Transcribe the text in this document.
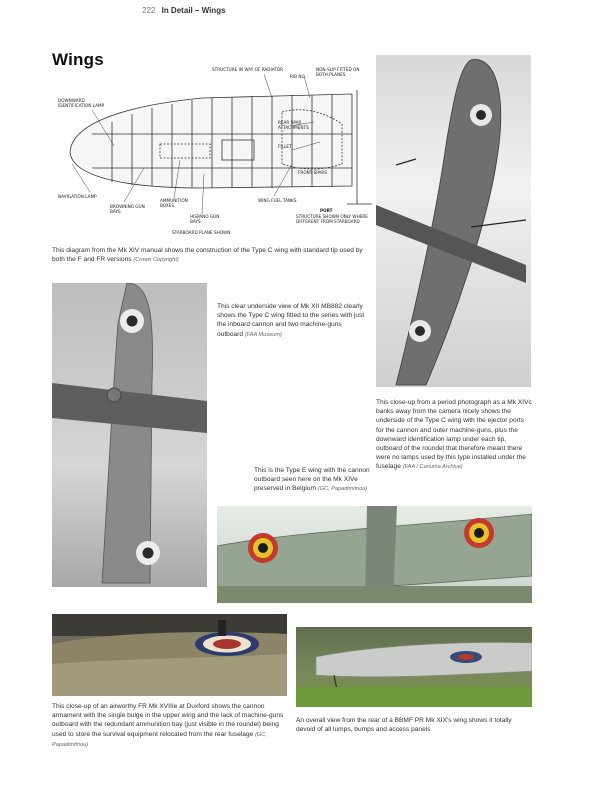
222 In Detail – Wings
Wings
STRUCTURE IN WAY OF RADIATOR
RIB NO.
NON-SLIP FITTED ON BOTH PLANES
DOWNWARD IDENTIFICATION LAMP
REAR SPAR ATTACHMENTS
FILLET
FRONT SPARS
NAVIGATION LAMP
BROWNING GUN BAYS
AMMUNITION BOXES
HISPANO GUN BAYS
WING FUEL TANKS
PORT
STRUCTURE SHOWN ONLY WHERE DIFFERENT FROM STARBOARD
STARBOARD PLANE SHOWN
This diagram from the Mk XIV manual shows the construction of the Type C wing with standard tip used by both the F and FR versions (Crown Copyright)
This close-up from a period photograph as a Mk XIVc banks away from the camera nicely shows the underside of the Type C wing with the ejector ports for the cannon and outer machine-guns, plus the downward identification lamp under each tip, outboard of the roundel that therefore meant there were no lamps used by this type installed under the fuselage (FAA / Canuma Archive)
This clear underside view of Mk XII MB882 clearly shows the Type C wing fitted to the series with just the inboard cannon and two machine-guns outboard (FAA Museum)
This is the Type E wing with the cannon outboard seen here on the Mk XIVe preserved in Belgium (GC, Papadimitriou)
This close-up of an airworthy FR Mk XVIIIe at Duxford shows the cannon armament with the single bulge in the upper wing and the lack of machine-guns outboard with the redundant ammunition bay (just visible in the roundel) being used to store the survival equipment relocated from the rear fuselage (GC, Papadimitriou)
An overall view from the rear of a BBMF PR Mk XIX's wing shows it totally devoid of all lumps, bumps and access panels
